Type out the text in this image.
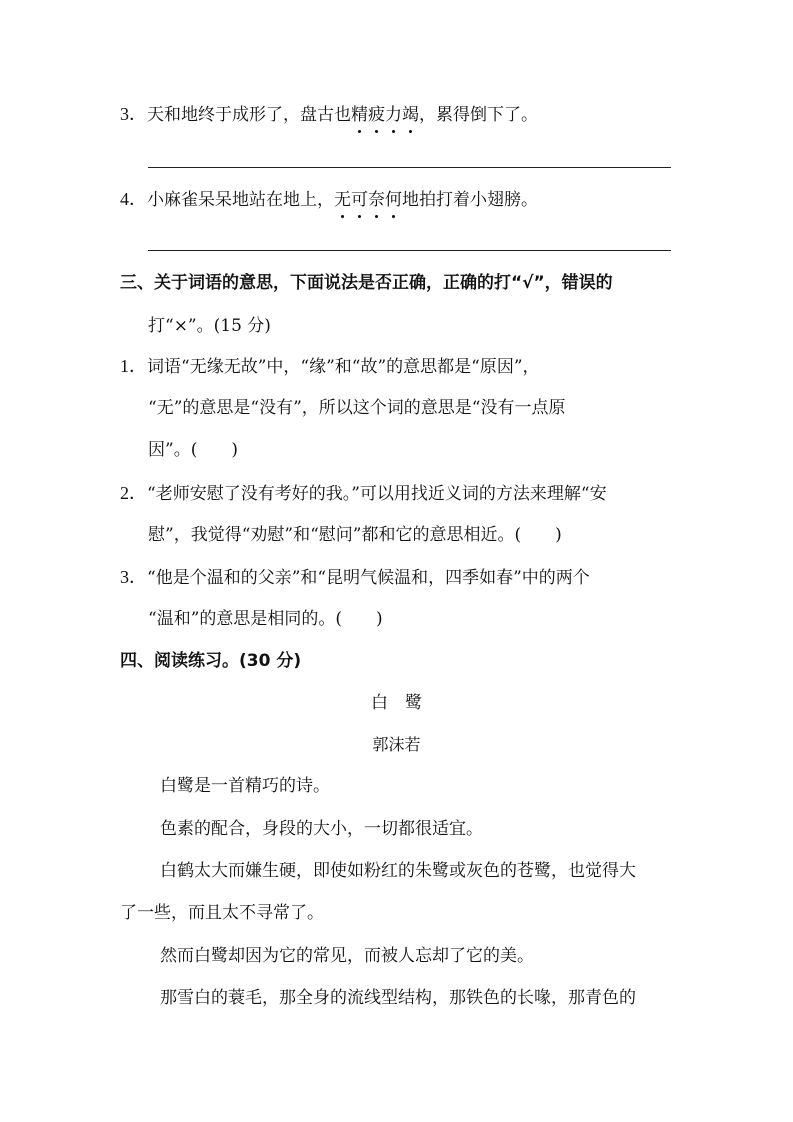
3．天和地终于成形了，盘古也精疲力竭，累得倒下了。
4．小麻雀呆呆地站在地上，无可奈何地拍打着小翅膀。
三、关于词语的意思，下面说法是否正确，正确的打“√”，错误的
打“×”。(15 分)
1．词语“无缘无故”中，“缘”和“故”的意思都是“原因”，
“无”的意思是“没有”，所以这个词的意思是“没有一点原
因”。(　　)
2．“老师安慰了没有考好的我。”可以用找近义词的方法来理解“安
慰”，我觉得“劝慰”和“慰问”都和它的意思相近。(　　)
3．“他是个温和的父亲”和“昆明气候温和，四季如春”中的两个
“温和”的意思是相同的。(　　)
四、阅读练习。(30 分)
白　鹭
郭沫若
白鹭是一首精巧的诗。
色素的配合，身段的大小，一切都很适宜。
白鹤太大而嫌生硬，即使如粉红的朱鹭或灰色的苍鹭，也觉得大
了一些，而且太不寻常了。
然而白鹭却因为它的常见，而被人忘却了它的美。
那雪白的蓑毛，那全身的流线型结构，那铁色的长喙，那青色的
